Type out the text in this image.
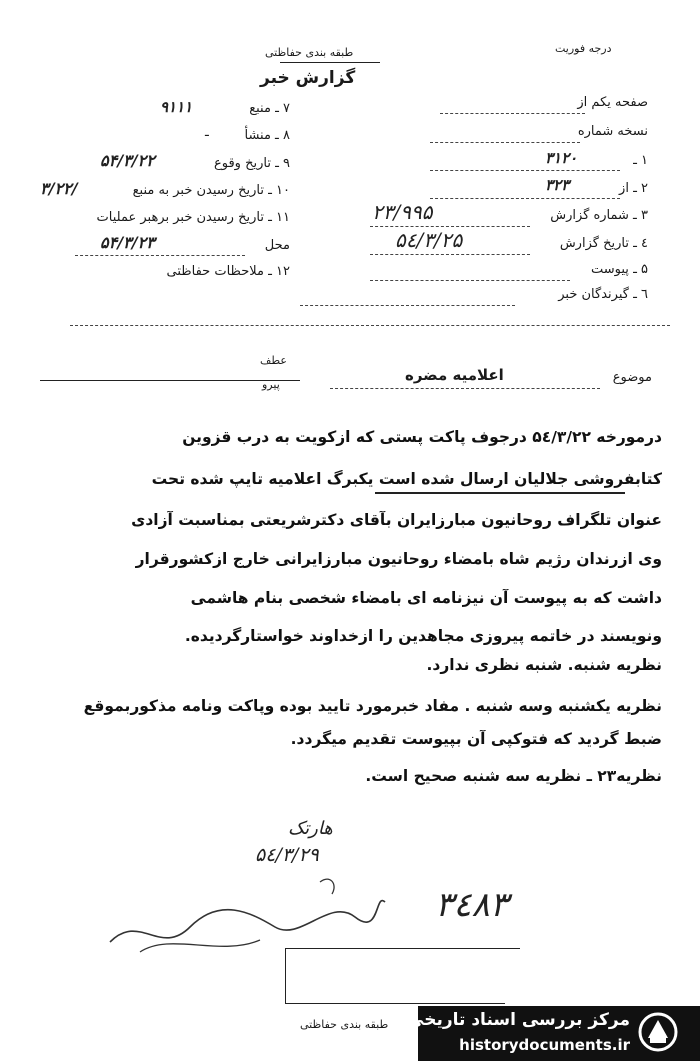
طبقه بندی حفاظتی	درجه فوریت
گزارش خبر
صفحه یکم از
نسخه شماره
۱ ـ
۳۱۲۰
۲ ـ از
۳۲۳
۳ ـ شماره گزارش
۲۳/۹۹۵
٤ ـ تاریخ گزارش
۵٤/۳/۲۵
۵ ـ پیوست
٦ ـ گیرندگان خبر
۷ ـ منبع
۹۱۱۱
۸ ـ منشأ
ـ
۹ ـ تاریخ وقوع
۵۴/۳/۲۲
۱۰ ـ تاریخ رسیدن خبر به منبع
۳/۲۲/
۱۱ ـ تاریخ رسیدن خبر برهبر عملیات
محل
۵۴/۳/۲۳
۱۲ ـ ملاحظات حفاظتی
موضوع
اعلامیه مضره
عطف
پیرو
درمورخه ۵٤/۳/۲۲ درجوف پاکت پستی که ازکویت به درب قزوین
کتابفروشی جلالیان ارسال شده است یکبرگ اعلامیه تایپ شده تحت
عنوان تلگراف روحانیون مبارزایران بآقای دکترشریعتی بمناسبت آزادی
وی ازرندان رژیم شاه بامضاء روحانیون مبارزایرانی خارج ازکشورقرار
داشت که به پیوست آن نیزنامه ای بامضاء شخصی بنام هاشمی
ونویسند در خاتمه پیروزی مجاهدین را ازخداوند خواستارگردیده.
نظریه شنبه. شنبه نظری ندارد.
نظریه یکشنبه وسه شنبه . مفاد خبرمورد تایید بوده وپاکت ونامه مذکوربموقع
ضبط گردید که فتوکپی آن بپیوست تقدیم میگردد.
نظریه۲۳ ـ نظریه سه شنبه صحیح است.
هارتک
۵٤/۳/۲۹
۳٤۸۳
طبقه بندی حفاظتی مرکز بررسی اسناد تاریخی
historydocuments.ir
